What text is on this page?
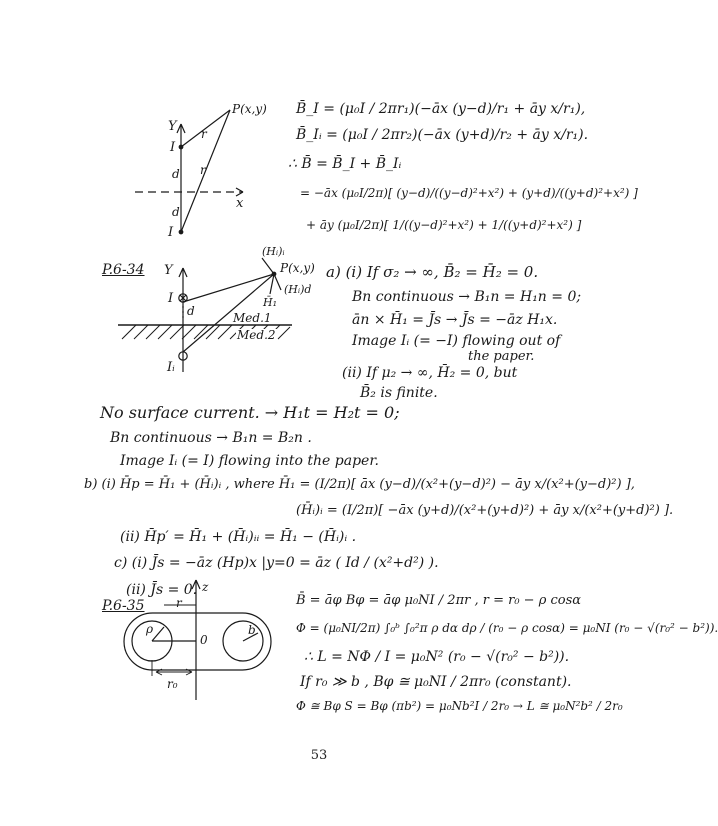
Y
P(x,y)
r
r
I
I
d
d
x
B̄_I = (μ₀I / 2πr₁)(−āx (y−d)/r₁ + āy x/r₁),
B̄_Iᵢ = (μ₀I / 2πr₂)(−āx (y+d)/r₂ + āy x/r₁).
∴ B̄ = B̄_I + B̄_Iᵢ
= −āx (μ₀I/2π)[ (y−d)/((y−d)²+x²) + (y+d)/((y+d)²+x²) ]
+ āy (μ₀I/2π)[ 1/((y−d)²+x²) + 1/((y+d)²+x²) ]
P.6-34 Y
(Hᵢ)ᵢ
P(x,y)
(Hᵢ)d
H̄₁
I
Iᵢ
d	Med.1
Med.2
a) (i) If σ₂ → ∞, B̄₂ = H̄₂ = 0.
Bn continuous → B₁n = H₁n = 0;
ān × H̄₁ = J̄s → J̄s = −āz H₁x.
Image Iᵢ (= −I) flowing out of
the paper.
(ii) If μ₂ → ∞, H̄₂ = 0, but
B̄₂ is finite.
No surface current. → H₁t = H₂t = 0;
Bn continuous → B₁n = B₂n .
Image Iᵢ (= I) flowing into the paper.
b) (i) H̄p = H̄₁ + (H̄ᵢ)ᵢ , where H̄₁ = (I/2π)[ āx (y−d)/(x²+(y−d)²) − āy x/(x²+(y−d)²) ],
(H̄ᵢ)ᵢ = (I/2π)[ −āx (y+d)/(x²+(y+d)²) + āy x/(x²+(y+d)²) ].
(ii) H̄p′ = H̄₁ + (H̄ᵢ)ᵢᵢ = H̄₁ − (H̄ᵢ)ᵢ .
c) (i) J̄s = −āz (Hp)x |y=0 = āz ( Id / (x²+d²) ).
(ii) J̄s = 0.
P.6-35
z
r
ρ	b
0
r₀
B̄ = āφ Bφ = āφ μ₀NI / 2πr , r = r₀ − ρ cosα
Φ = (μ₀NI/2π) ∫₀ᵇ ∫₀²π ρ dα dρ / (r₀ − ρ cosα) = μ₀NI (r₀ − √(r₀² − b²)).
∴ L = NΦ / I = μ₀N² (r₀ − √(r₀² − b²)).
If r₀ ≫ b , Bφ ≅ μ₀NI / 2πr₀ (constant).
Φ ≅ Bφ S = Bφ (πb²) = μ₀Nb²I / 2r₀ → L ≅ μ₀N²b² / 2r₀
53
